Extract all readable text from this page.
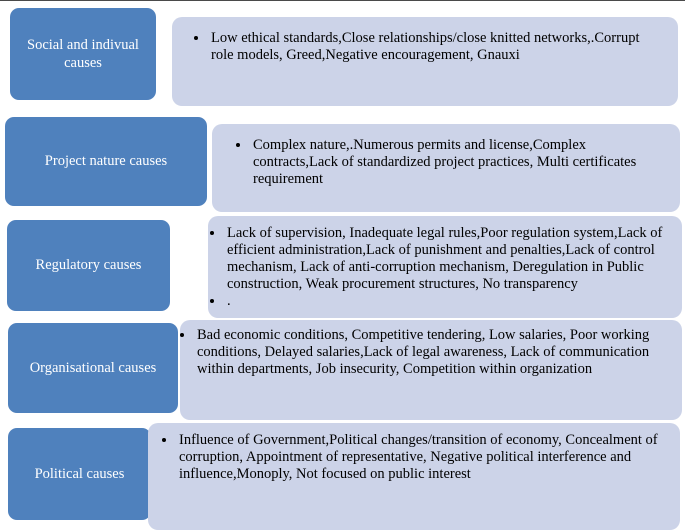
Social and indivual causes
• Low ethical standards,Close relationships/close knitted networks,.Corrupt role models, Greed,Negative encouragement, Gnauxi
Project nature causes
• Complex nature,.Numerous permits and license,Complex contracts,Lack of standardized project practices, Multi certificates requirement
Regulatory causes
• Lack of supervision, Inadequate legal rules,Poor regulation system,Lack of efficient administration,Lack of punishment and penalties,Lack of control mechanism, Lack of anti-corruption mechanism, Deregulation in Public construction, Weak procurement structures, No transparency
• .
Organisational causes
• Bad economic conditions, Competitive tendering, Low salaries, Poor working conditions, Delayed salaries,Lack of legal awareness, Lack of communication within departments, Job insecurity, Competition within organization
Political causes
• Influence of Government,Political changes/transition of economy, Concealment of corruption, Appointment of representative, Negative political interference and influence,Monoply, Not focused on public interest
